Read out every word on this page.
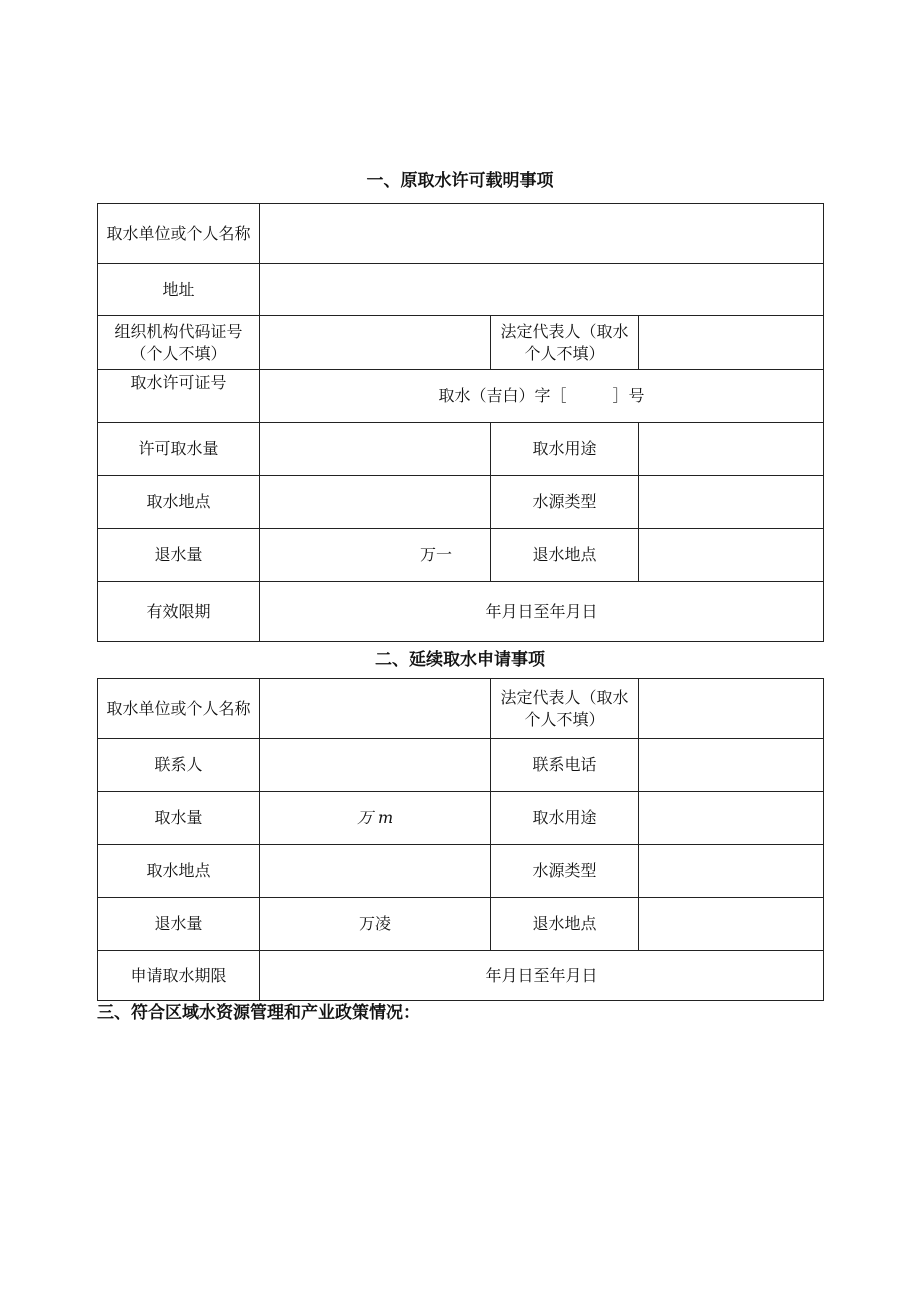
一、原取水许可载明事项
取水单位或个人名称			
地址			
组织机构代码证号（个人不填）		法定代表人（取水个人不填）	
取水许可证号	取水（吉白）字［ ］号		
许可取水量		取水用途	
取水地点		水源类型	
退水量	万一	退水地点	
有效限期	年月日至年月日		
二、延续取水申请事项
取水单位或个人名称		法定代表人（取水个人不填）	
联系人		联系电话	
取水量	万 m	取水用途	
取水地点		水源类型	
退水量	万凌	退水地点	
申请取水期限	年月日至年月日		
三、符合区域水资源管理和产业政策情况：
